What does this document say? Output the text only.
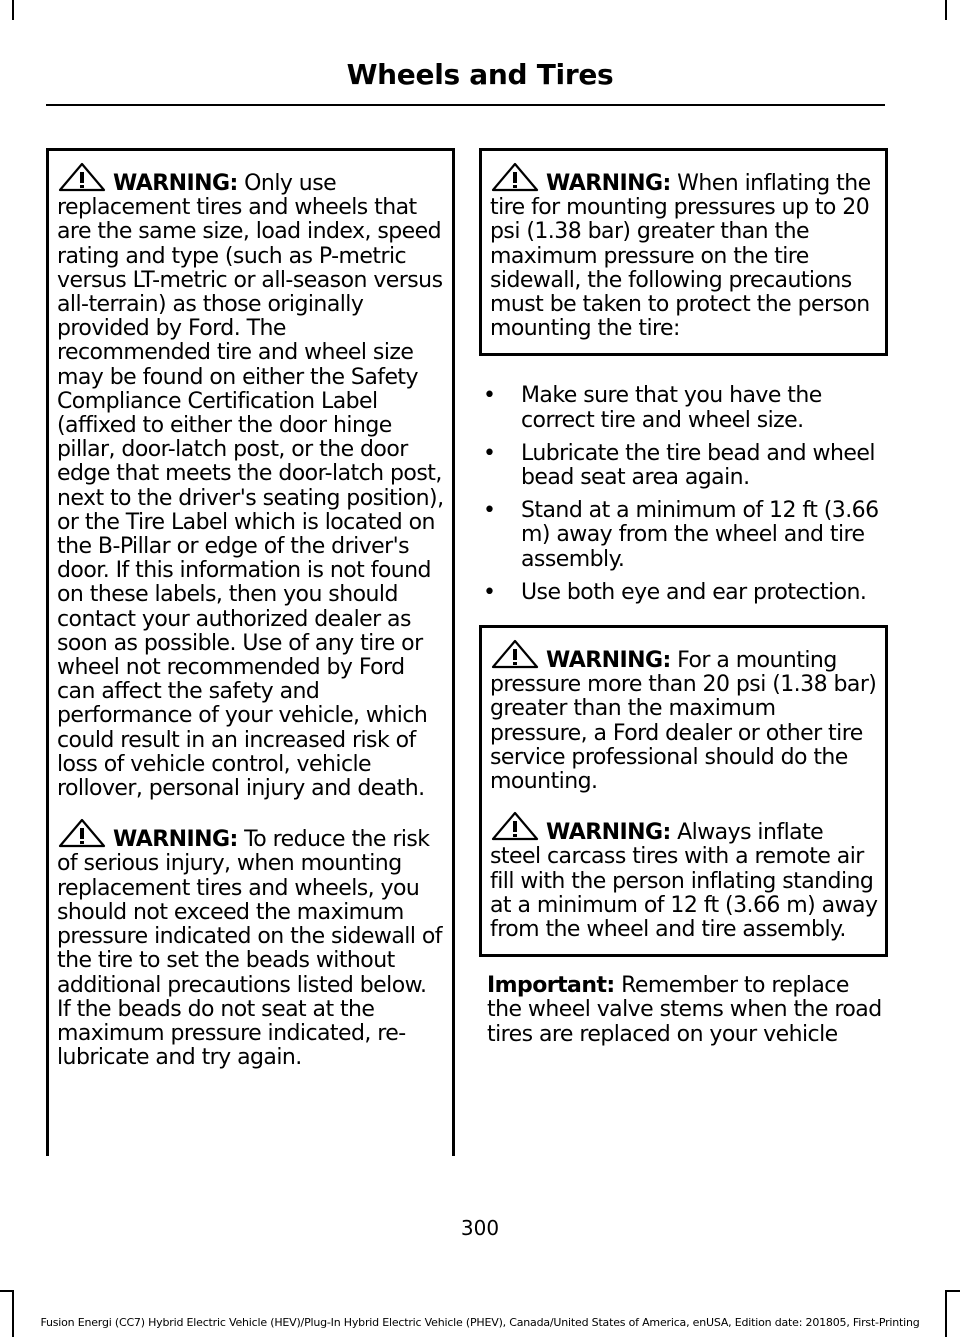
Wheels and Tires

WARNING: Only use replacement tires and wheels that are the same size, load index, speed rating and type (such as P-metric versus LT-metric or all-season versus all-terrain) as those originally provided by Ford. The recommended tire and wheel size may be found on either the Safety Compliance Certification Label (affixed to either the door hinge pillar, door-latch post, or the door edge that meets the door-latch post, next to the driver's seating position), or the Tire Label which is located on the B-Pillar or edge of the driver's door. If this information is not found on these labels, then you should contact your authorized dealer as soon as possible. Use of any tire or wheel not recommended by Ford can affect the safety and performance of your vehicle, which could result in an increased risk of loss of vehicle control, vehicle rollover, personal injury and death.

WARNING: To reduce the risk of serious injury, when mounting replacement tires and wheels, you should not exceed the maximum pressure indicated on the sidewall of the tire to set the beads without additional precautions listed below. If the beads do not seat at the maximum pressure indicated, re-lubricate and try again.

WARNING: When inflating the tire for mounting pressures up to 20 psi (1.38 bar) greater than the maximum pressure on the tire sidewall, the following precautions must be taken to protect the person mounting the tire:

• Make sure that you have the correct tire and wheel size.
• Lubricate the tire bead and wheel bead seat area again.
• Stand at a minimum of 12 ft (3.66 m) away from the wheel and tire assembly.
• Use both eye and ear protection.

WARNING: For a mounting pressure more than 20 psi (1.38 bar) greater than the maximum pressure, a Ford dealer or other tire service professional should do the mounting.

WARNING: Always inflate steel carcass tires with a remote air fill with the person inflating standing at a minimum of 12 ft (3.66 m) away from the wheel and tire assembly.

Important: Remember to replace the wheel valve stems when the road tires are replaced on your vehicle

300
Fusion Energi (CC7) Hybrid Electric Vehicle (HEV)/Plug-In Hybrid Electric Vehicle (PHEV), Canada/United States of America, enUSA, Edition date: 201805, First-Printing
